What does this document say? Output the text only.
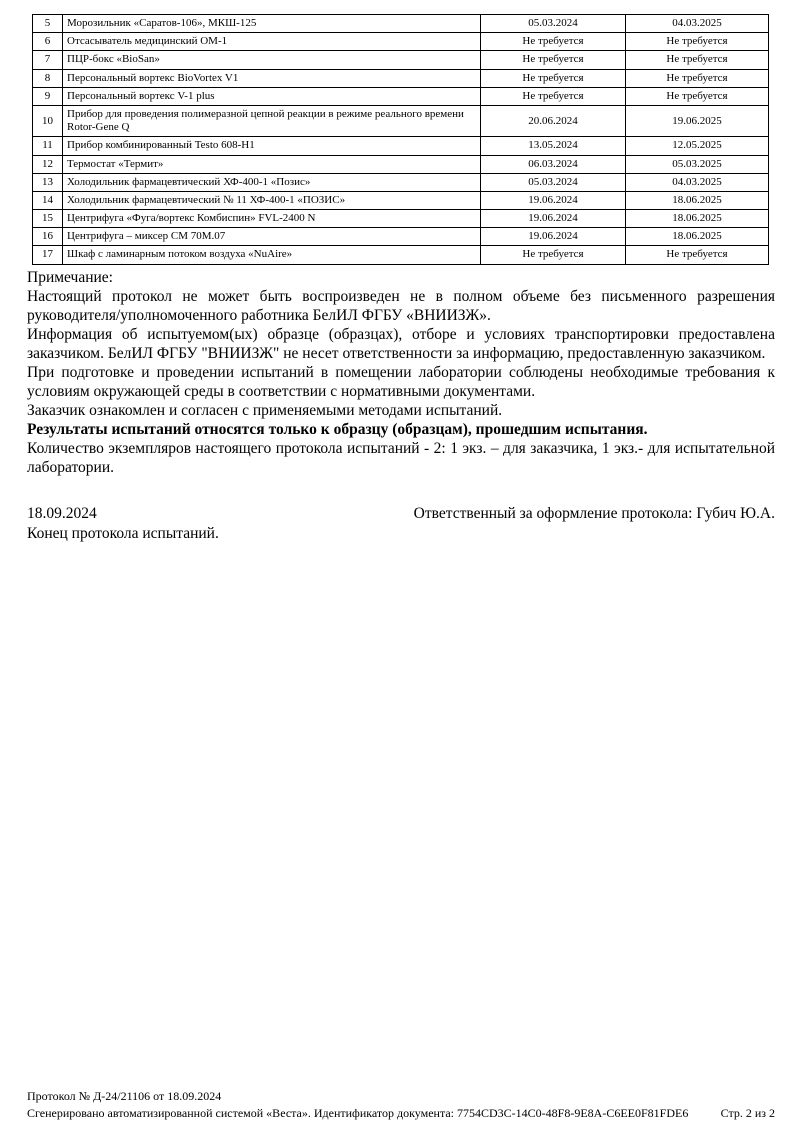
5	Морозильник «Саратов-106», МКШ-125	05.03.2024	04.03.2025
6	Отсасыватель медицинский ОМ-1	Не требуется	Не требуется
7	ПЦР-бокс «BioSan»	Не требуется	Не требуется
8	Персональный вортекс BioVortex V1	Не требуется	Не требуется
9	Персональный вортекс V-1 plus	Не требуется	Не требуется
10	Прибор для проведения полимеразной цепной реакции в режиме реального времени Rotor-Gene Q	20.06.2024	19.06.2025
11	Прибор комбинированный Testo 608-H1	13.05.2024	12.05.2025
12	Термостат «Термит»	06.03.2024	05.03.2025
13	Холодильник фармацевтический ХФ-400-1 «Позис»	05.03.2024	04.03.2025
14	Холодильник фармацевтический № 11 ХФ-400-1 «ПОЗИС»	19.06.2024	18.06.2025
15	Центрифуга «Фуга/вортекс Комбиспин» FVL-2400 N	19.06.2024	18.06.2025
16	Центрифуга – миксер СМ 70М.07	19.06.2024	18.06.2025
17	Шкаф с ламинарным потоком воздуха «NuAire»	Не требуется	Не требуется
Примечание:
Настоящий протокол не может быть воспроизведен не в полном объеме без письменного разрешения руководителя/уполномоченного работника БелИЛ ФГБУ «ВНИИЗЖ».
Информация об испытуемом(ых) образце (образцах), отборе и условиях транспортировки предоставлена заказчиком. БелИЛ ФГБУ "ВНИИЗЖ" не несет ответственности за информацию, предоставленную заказчиком.
При подготовке и проведении испытаний в помещении лаборатории соблюдены необходимые требования к условиям окружающей среды в соответствии с нормативными документами.
Заказчик ознакомлен и согласен с применяемыми методами испытаний.
Результаты испытаний относятся только к образцу (образцам), прошедшим испытания.
Количество экземпляров настоящего протокола испытаний - 2: 1 экз. – для заказчика, 1 экз.- для испытательной лаборатории.
18.09.2024	Ответственный за оформление протокола: Губич Ю.А.
Конец протокола испытаний.
Протокол № Д-24/21106 от 18.09.2024
Сгенерировано автоматизированной системой «Веста». Идентификатор документа: 7754CD3C-14C0-48F8-9E8A-C6EE0F81FDE6	Стр. 2 из 2
